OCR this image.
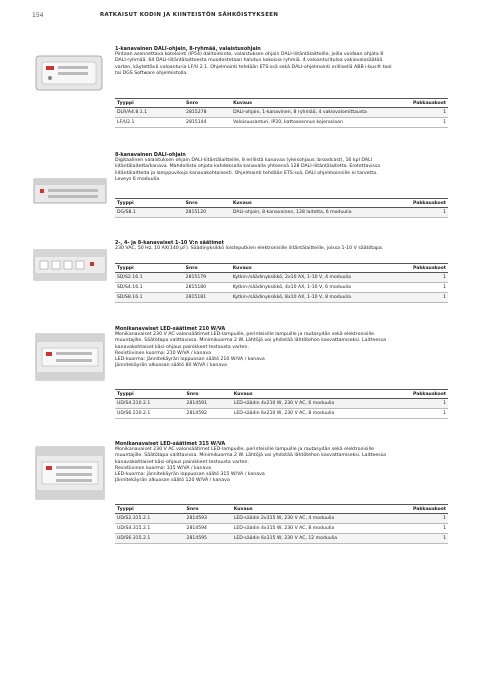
154	RATKAISUT KODIN JA KIINTEISTÖN SÄHKÖISTYKSEEN
1-kanavainen DALI-ohjain, 8-ryhmää, valaistusohjain
Pintaan asennettava kotelointi (IP54) dalitoiminto, valaistuksen ohjain DALI-liitäntälaitteille, joilla voidaan ohjata 8
DALI-ryhmää. 64 DALI-liitäntälaitteesta muodostetaan halutun kokoisia ryhmiä. 4 valoanturituloa vakiovalosäätöä
varten, käytettävä valoanturia LF/U 2.1. Ohjelmointi tehdään ETS:ssä sekä DALI-ohjelmointi erillisellä ABB i-bus® tool
tai DGS Software ohjelmistolla.
Tyyppi	Snro	Kuvaus	Pakkauskoot
DLR/A4.8.1.1	2815278	DALI-ohjain, 1-kanavinen, 8 ryhmää, 4 vakiovalomittausta	1
LF/U2.1	2815144	Valoisuusanturi, IP20, kattoasennus kojerasiaan	1
8-kanavainen DALI-ohjain
Digitaalinen valaistuksen ohjain DALI-liitäntälaitteille, 8 erillistä kanavaa (yleisohjaus; broadcast), 16 kpl DALI
liitäntälaitetta/kanava. Mahdollista ohjata kahdeksalla kanavalla yhteensä 128 DALI-liitäntälaitetta. Erotettavissa
liitäntälaitteita ja lamppuvikoja kanavakohtaisesti. Ohjelmointi tehdään ETS:ssä, DALI ohjelmoinnille ei tarvetta.
Leveys 6 moduulia.
Tyyppi	Snro	Kuvaus	Pakkauskoot
DG/S8.1	2815120	DALI-ohjain, 8-kanavainen, 128 laitetta, 6 moduulia	1
2-, 4- ja 8-kanavaiset 1-10 V:n säätimet
230 VAC, 50 Hz, 10 AX(140 µF). Säädinyksikkö loisteputkien elektronisille liitäntälaitteille, joissa 1-10 V säätötapa.
Tyyppi	Snro	Kuvaus	Pakkauskoot
SD/S2.16.1	2815179	Kytkin-/säädinyksikkö, 2x10 AX, 1-10 V, 4 moduulia	1
SD/S4.16.1	2815180	Kytkin-/säädinyksikkö, 4x10 AX, 1-10 V, 6 moduulia	1
SD/S8.16.1	2815181	Kytkin-/säädinyksikkö, 8x10 AX, 1-10 V, 8 moduulia	1
Monikanavaiset LED-säätimet 210 W/VA
Monikanavaiset 230 V AC valonsäätimet LED-lampuille, perinteisille lampuille ja rautasydän sekä elektronisille
muuntajille. Säätötapa valittavissa. Minimikuorma 2 W. Lähtöjä voi yhdistää lähtötehon kasvattamiseksi. Laitteessa
kanavakohtaiset käsi-ohjaus painikkeet testausta varten.
Resistiivinen kuorma: 210 W/VA / kanava
LED-kuorma: jännitekäyrän loppuosan säätö 210 W/VA / kanava
Jännitekäyrän alkuosan säätö 80 W/VA / kanava
Tyyppi	Snro	Kuvaus	Pakkauskoot
UD/S4.210.2.1	2814591	LED-säädin 4x210 W, 230 V AC, 6 moduulia	1
UD/S6.210.2.1	2814592	LED-säädin 6x210 W, 230 V AC, 8 moduulia	1
Monikanavaiset LED-säätimet 315 W/VA
Monikanavaiset 230 V AC valonsäätimet LED-lampuille, perinteisille lampuille ja rautasydän sekä elektronisille
muuntajille. Säätötapa valittavissa. Minimikuorma 2 W. Lähtöjä voi yhdistää lähtötehon kasvattamiseksi. Laitteessa
kanavakohtaiset käsi-ohjaus painikkeet testausta varten.
Resistiivinen kuorma: 315 W/VA / kanava
LED-kuorma: jännitekäyrän loppuosan säätö 315 W/VA / kanava
Jännitekäyrän alkuosan säätö 120 W/VA / kanava
Tyyppi	Snro	Kuvaus	Pakkauskoot
UD/S2.315.2.1	2814593	LED-säädin 2x315 W, 230 V AC, 4 moduulia	1
UD/S4.315.2.1	2814594	LED-säädin 4x315 W, 230 V AC, 8 moduulia	1
UD/S6.315.2.1	2814595	LED-säädin 6x315 W, 230 V AC, 12 moduulia	1
